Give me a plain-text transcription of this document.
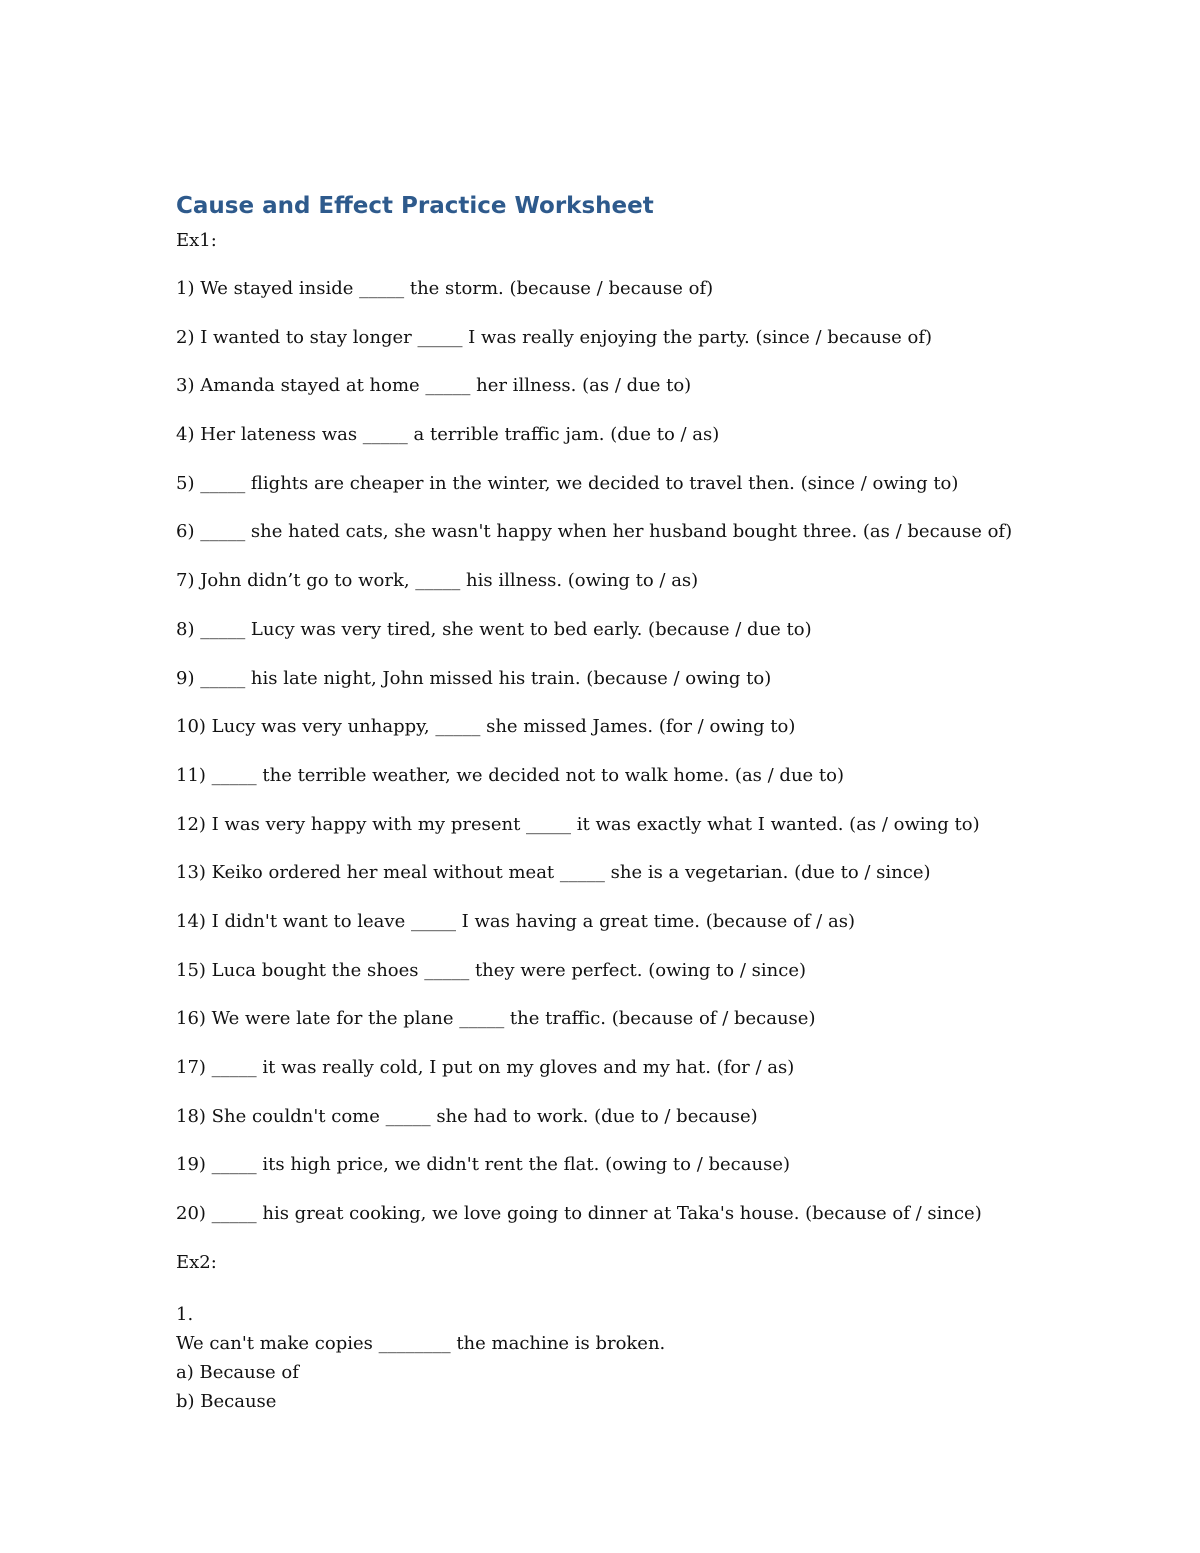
Cause and Effect Practice Worksheet
Ex1:
1) We stayed inside _____ the storm. (because / because of)
2) I wanted to stay longer _____ I was really enjoying the party. (since / because of)
3) Amanda stayed at home _____ her illness. (as / due to)
4) Her lateness was _____ a terrible traffic jam. (due to / as)
5) _____ flights are cheaper in the winter, we decided to travel then. (since / owing to)
6) _____ she hated cats, she wasn't happy when her husband bought three. (as / because of)
7) John didn’t go to work, _____ his illness. (owing to / as)
8) _____ Lucy was very tired, she went to bed early. (because / due to)
9) _____ his late night, John missed his train. (because / owing to)
10) Lucy was very unhappy, _____ she missed James. (for / owing to)
11) _____ the terrible weather, we decided not to walk home. (as / due to)
12) I was very happy with my present _____ it was exactly what I wanted. (as / owing to)
13) Keiko ordered her meal without meat _____ she is a vegetarian. (due to / since)
14) I didn't want to leave _____ I was having a great time. (because of / as)
15) Luca bought the shoes _____ they were perfect. (owing to / since)
16) We were late for the plane _____ the traffic. (because of / because)
17) _____ it was really cold, I put on my gloves and my hat. (for / as)
18) She couldn't come _____ she had to work. (due to / because)
19) _____ its high price, we didn't rent the flat. (owing to / because)
20) _____ his great cooking, we love going to dinner at Taka's house. (because of / since)
Ex2:
1.
We can't make copies ________ the machine is broken.
a) Because of
b) Because
